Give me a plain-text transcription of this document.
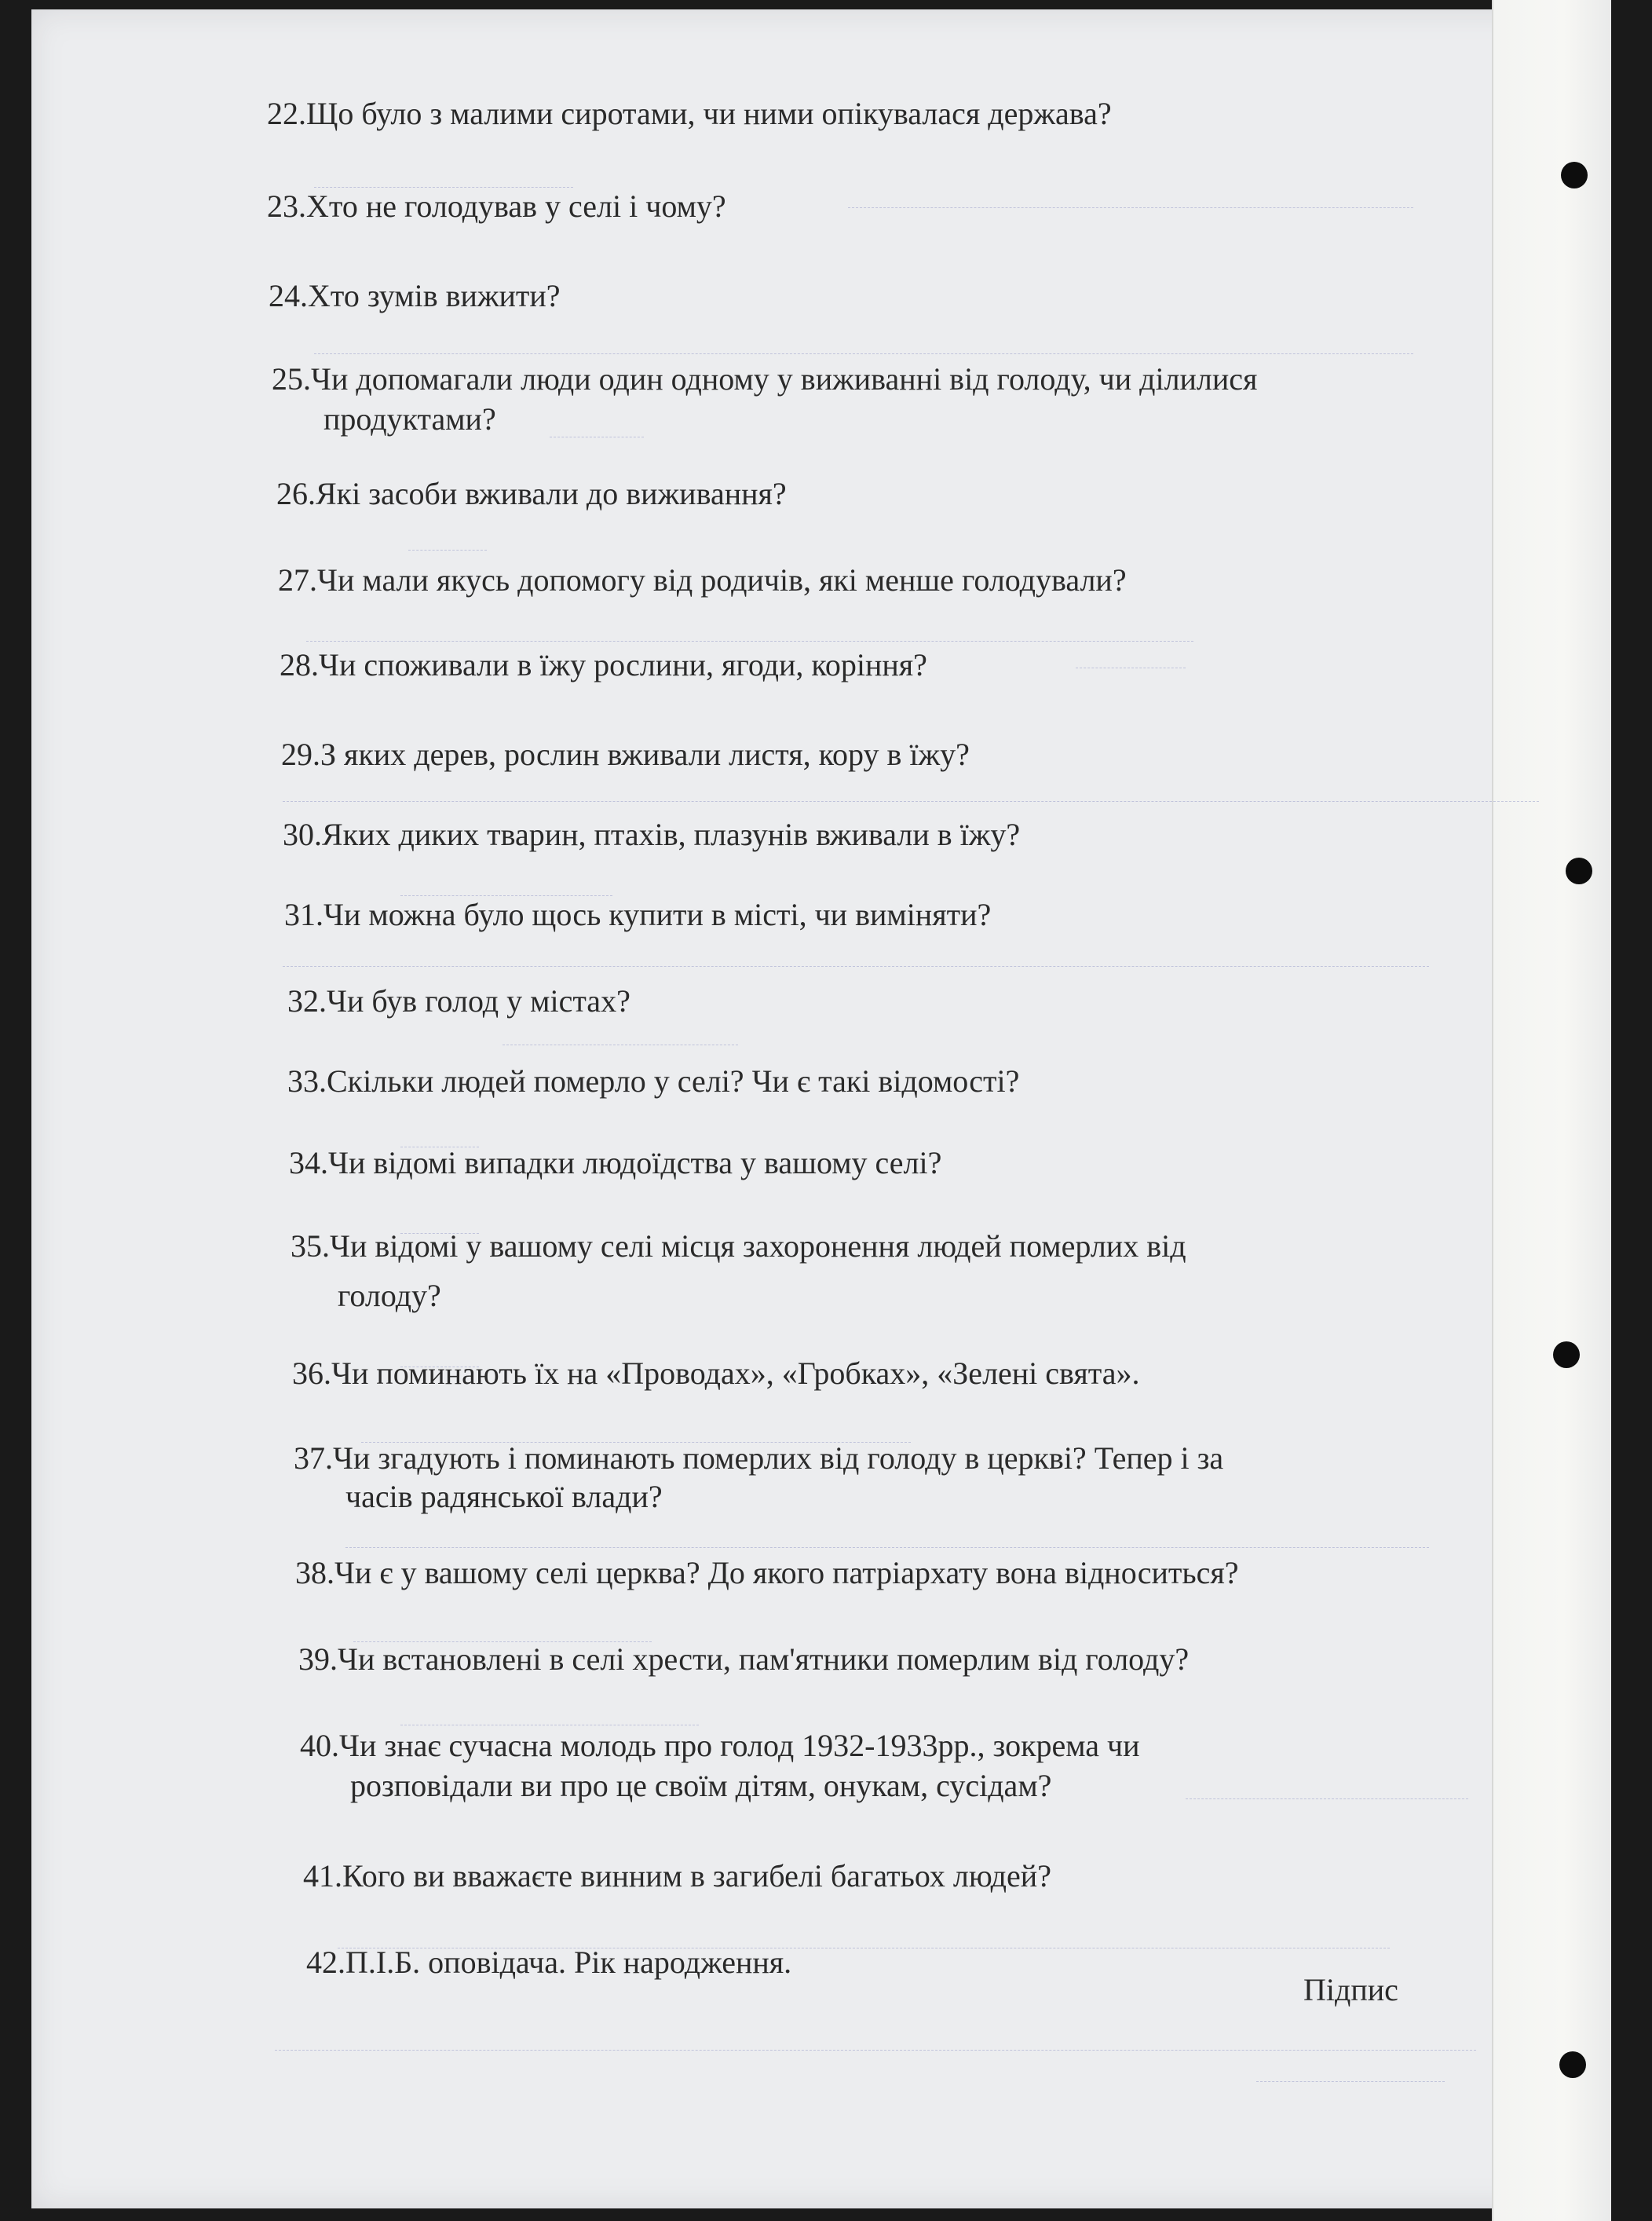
22.Що було з малими сиротами, чи ними опікувалася держава?
23.Хто не голодував у селі і чому?
24.Хто зумів вижити?
25.Чи допомагали люди один одному у виживанні від голоду, чи ділилися
продуктами?
26.Які засоби вживали до виживання?
27.Чи мали якусь допомогу від родичів, які менше голодували?
28.Чи споживали в їжу рослини, ягоди, коріння?
29.З яких дерев, рослин вживали листя, кору в їжу?
30.Яких диких тварин, птахів, плазунів вживали в їжу?
31.Чи можна було щось купити в місті, чи виміняти?
32.Чи був голод у містах?
33.Скільки людей померло у селі? Чи є такі відомості?
34.Чи відомі випадки людоїдства у вашому селі?
35.Чи відомі у вашому селі місця захоронення людей померлих від
голоду?
36.Чи поминають їх на «Проводах», «Гробках», «Зелені свята».
37.Чи згадують і поминають померлих від голоду в церкві? Тепер і за
часів радянської влади?
38.Чи є у вашому селі церква? До якого патріархату вона відноситься?
39.Чи встановлені в селі хрести, пам'ятники померлим від голоду?
40.Чи знає сучасна молодь про голод 1932-1933рр., зокрема чи
розповідали ви про це своїм дітям, онукам, сусідам?
41.Кого ви вважаєте винним в загибелі багатьох людей?
42.П.І.Б. оповідача. Рік народження.
Підпис
